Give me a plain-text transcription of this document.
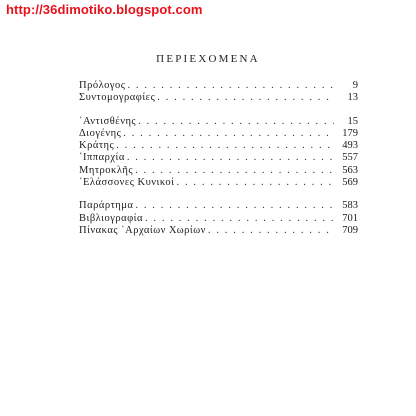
http://36dimotiko.blogspot.com
ΠΕΡΙΕΧΟΜΕΝΑ
Πρόλογος . . .	9
Συντομογραφίες . . .	13
᾿Αντισθένης . . .	15
Διογένης . . .	179
Κράτης . . .	493
῾Ιππαρχία . . .	557
Μητροκλῆς . . .	563
᾿Ελάσσονες Κυνικοί . . .	569
Παράρτημα . . .	583
Βιβλιογραφία . . .	701
Πίνακας ᾿Αρχαίων Χωρίων . . .	709
